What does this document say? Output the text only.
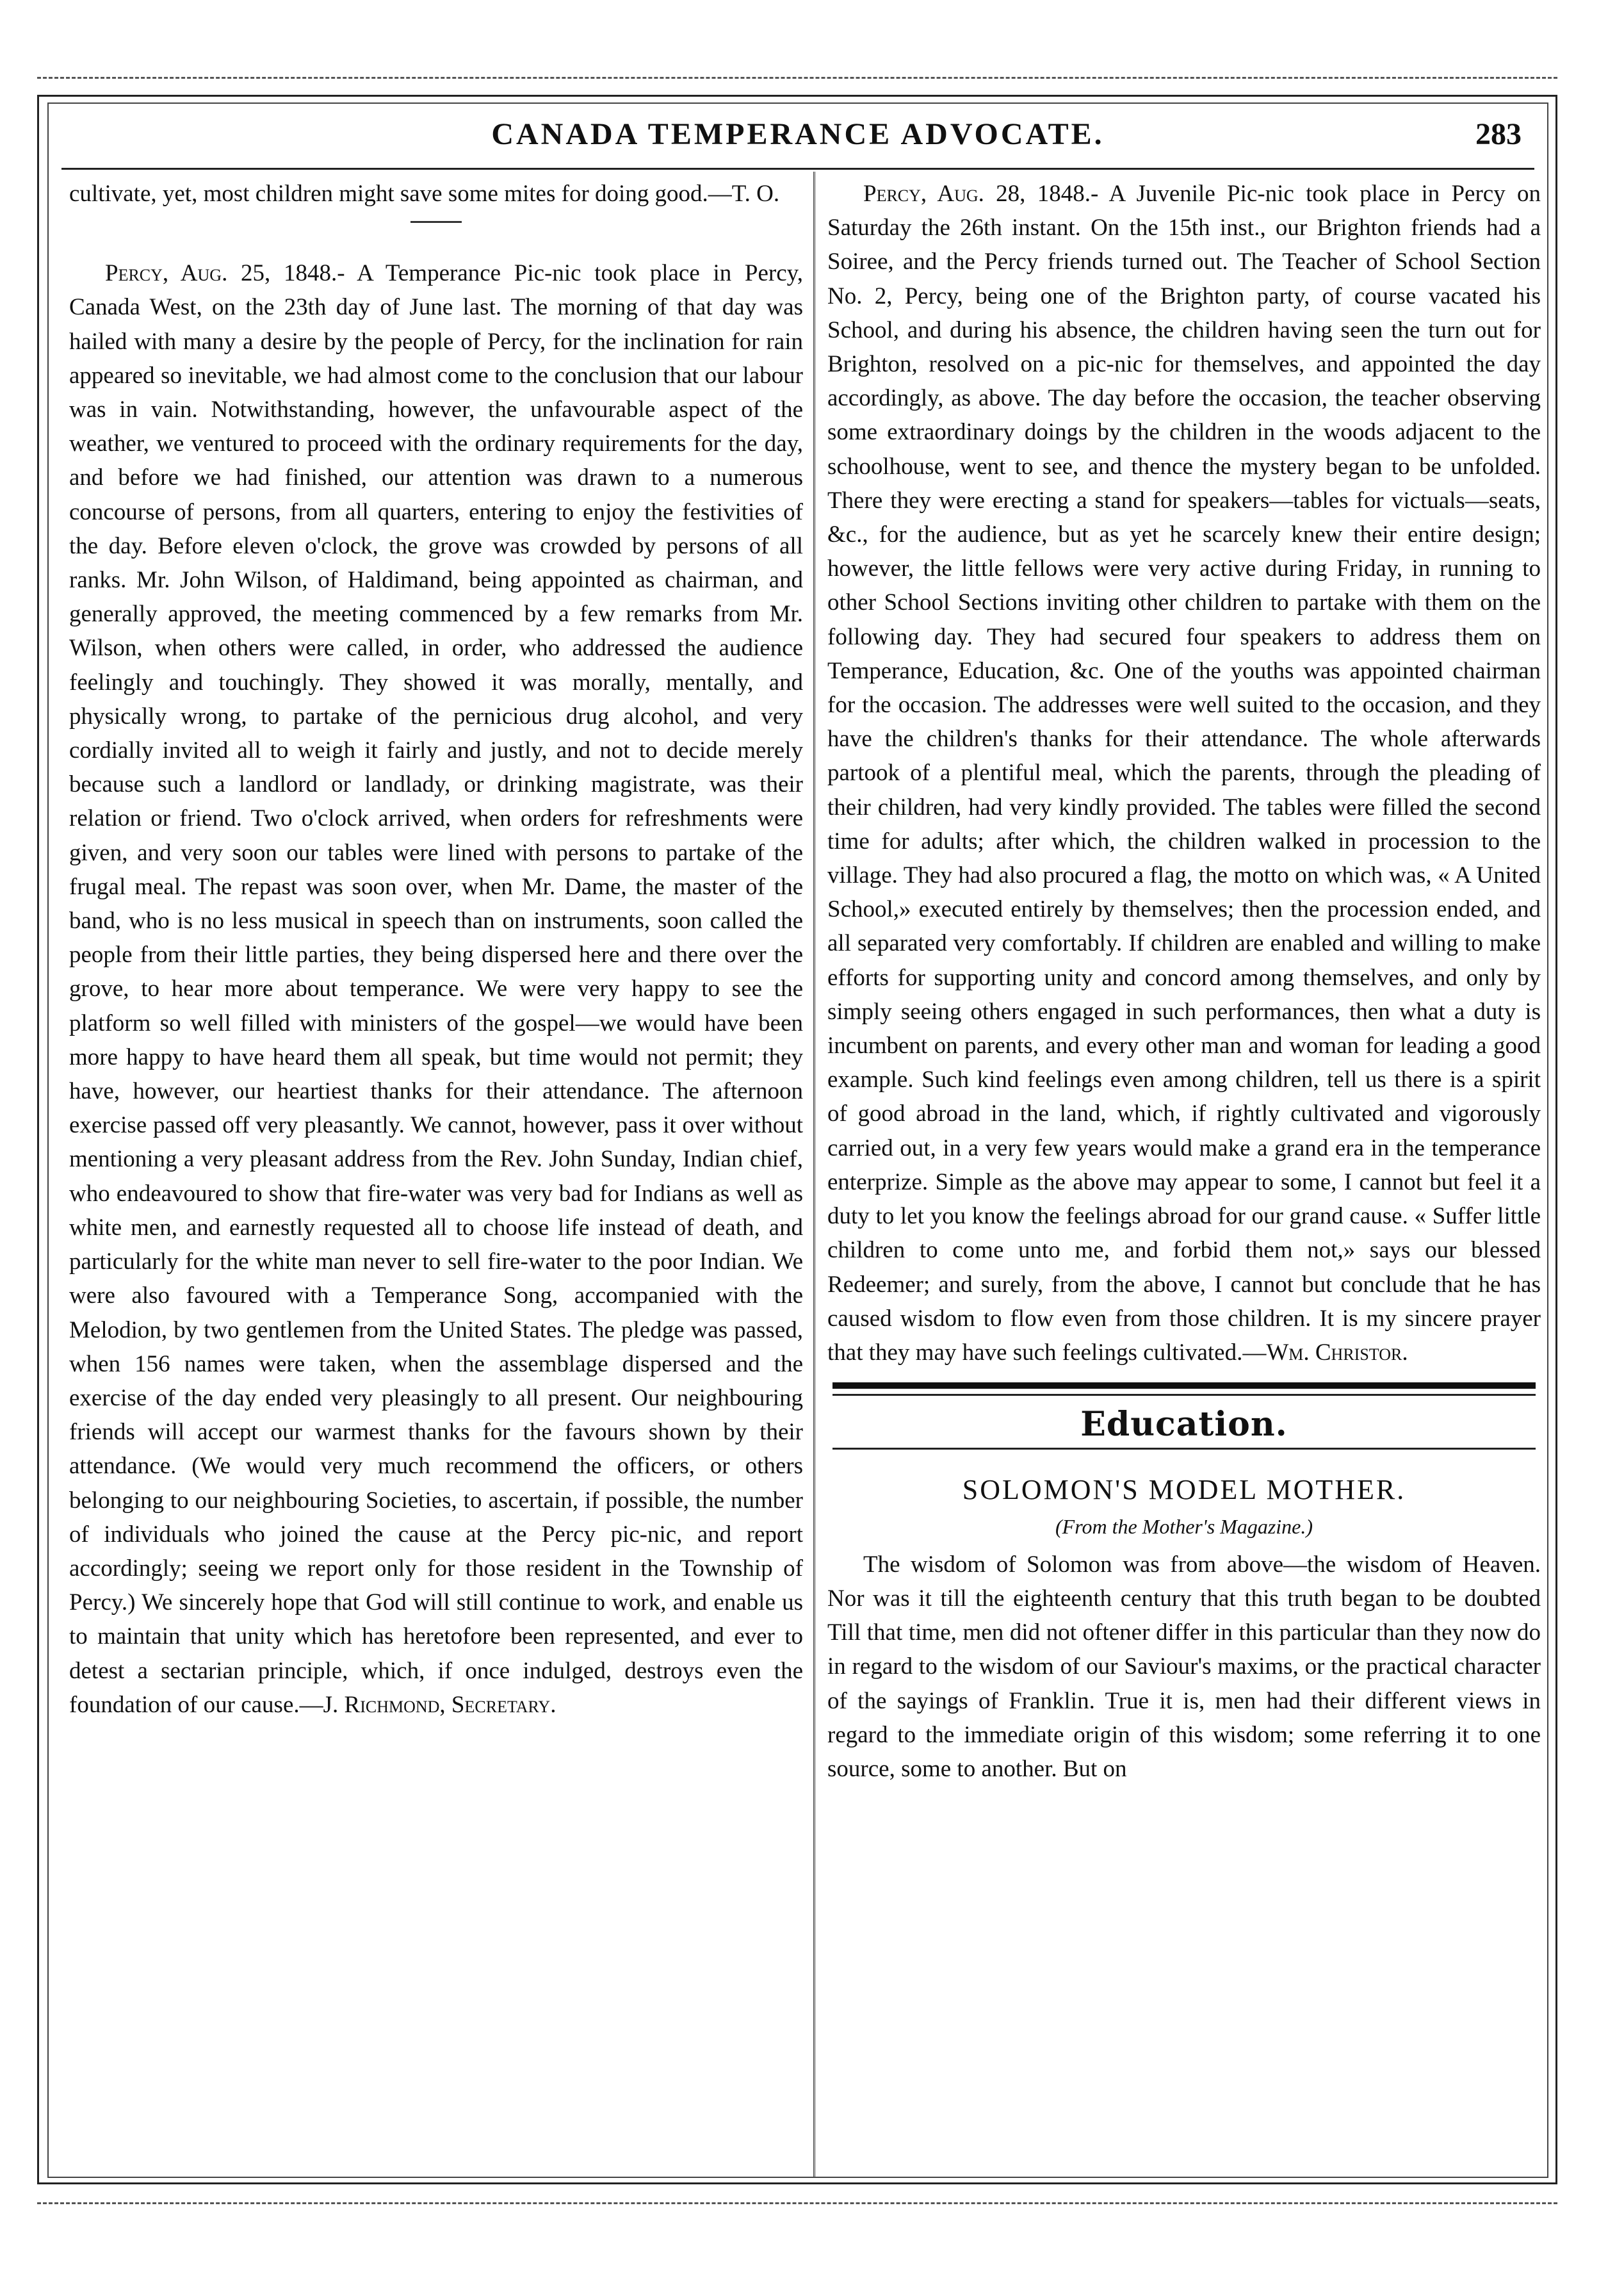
CANADA TEMPERANCE ADVOCATE.	283

cultivate, yet, most children might save some mites for doing good.—T. O.

Percy, Aug. 25, 1848.- A Temperance Pic-nic took place in Percy, Canada West, on the 23th day of June last. The morning of that day was hailed with many a desire by the people of Percy, for the inclination for rain appeared so inevitable, we had almost come to the conclusion that our labour was in vain. Notwithstanding, however, the unfavourable aspect of the weather, we ventured to proceed with the ordinary requirements for the day, and before we had finished, our attention was drawn to a numerous concourse of persons, from all quarters, entering to enjoy the festivities of the day. Before eleven o'clock, the grove was crowded by persons of all ranks. Mr. John Wilson, of Haldimand, being appointed as chairman, and generally approved, the meeting commenced by a few remarks from Mr. Wilson, when others were called, in order, who addressed the audience feelingly and touchingly. They showed it was morally, mentally, and physically wrong, to partake of the pernicious drug alcohol, and very cordially invited all to weigh it fairly and justly, and not to decide merely because such a landlord or landlady, or drinking magistrate, was their relation or friend. Two o'clock arrived, when orders for refreshments were given, and very soon our tables were lined with persons to partake of the frugal meal. The repast was soon over, when Mr. Dame, the master of the band, who is no less musical in speech than on instruments, soon called the people from their little parties, they being dispersed here and there over the grove, to hear more about temperance. We were very happy to see the platform so well filled with ministers of the gospel—we would have been more happy to have heard them all speak, but time would not permit; they have, however, our heartiest thanks for their attendance. The afternoon exercise passed off very pleasantly. We cannot, however, pass it over without mentioning a very pleasant address from the Rev. John Sunday, Indian chief, who endeavoured to show that fire-water was very bad for Indians as well as white men, and earnestly requested all to choose life instead of death, and particularly for the white man never to sell fire-water to the poor Indian. We were also favoured with a Temperance Song, accompanied with the Melodion, by two gentlemen from the United States. The pledge was passed, when 156 names were taken, when the assemblage dispersed and the exercise of the day ended very pleasingly to all present. Our neighbouring friends will accept our warmest thanks for the favours shown by their attendance. (We would very much recommend the officers, or others belonging to our neighbouring Societies, to ascertain, if possible, the number of individuals who joined the cause at the Percy pic-nic, and report accordingly; seeing we report only for those resident in the Township of Percy.) We sincerely hope that God will still continue to work, and enable us to maintain that unity which has heretofore been represented, and ever to detest a sectarian principle, which, if once indulged, destroys even the foundation of our cause.—J. Richmond, Secretary.

Percy, Aug. 28, 1848.- A Juvenile Pic-nic took place in Percy on Saturday the 26th instant. On the 15th inst., our Brighton friends had a Soiree, and the Percy friends turned out. The Teacher of School Section No. 2, Percy, being one of the Brighton party, of course vacated his School, and during his absence, the children having seen the turn out for Brighton, resolved on a pic-nic for themselves, and appointed the day accordingly, as above. The day before the occasion, the teacher observing some extraordinary doings by the children in the woods adjacent to the schoolhouse, went to see, and thence the mystery began to be unfolded. There they were erecting a stand for speakers—tables for victuals—seats, &c., for the audience, but as yet he scarcely knew their entire design; however, the little fellows were very active during Friday, in running to other School Sections inviting other children to partake with them on the following day. They had secured four speakers to address them on Temperance, Education, &c. One of the youths was appointed chairman for the occasion. The addresses were well suited to the occasion, and they have the children's thanks for their attendance. The whole afterwards partook of a plentiful meal, which the parents, through the pleading of their children, had very kindly provided. The tables were filled the second time for adults; after which, the children walked in procession to the village. They had also procured a flag, the motto on which was, « A United School,» executed entirely by themselves; then the procession ended, and all separated very comfortably. If children are enabled and willing to make efforts for supporting unity and concord among themselves, and only by simply seeing others engaged in such performances, then what a duty is incumbent on parents, and every other man and woman for leading a good example. Such kind feelings even among children, tell us there is a spirit of good abroad in the land, which, if rightly cultivated and vigorously carried out, in a very few years would make a grand era in the temperance enterprize. Simple as the above may appear to some, I cannot but feel it a duty to let you know the feelings abroad for our grand cause. « Suffer little children to come unto me, and forbid them not,» says our blessed Redeemer; and surely, from the above, I cannot but conclude that he has caused wisdom to flow even from those children. It is my sincere prayer that they may have such feelings cultivated.—Wm. Christor.

Education.
SOLOMON'S MODEL MOTHER.
(From the Mother's Magazine.)

The wisdom of Solomon was from above—the wisdom of Heaven. Nor was it till the eighteenth century that this truth began to be doubted Till that time, men did not oftener differ in this particular than they now do in regard to the wisdom of our Saviour's maxims, or the practical character of the sayings of Franklin. True it is, men had their different views in regard to the immediate origin of this wisdom; some referring it to one source, some to another. But on
